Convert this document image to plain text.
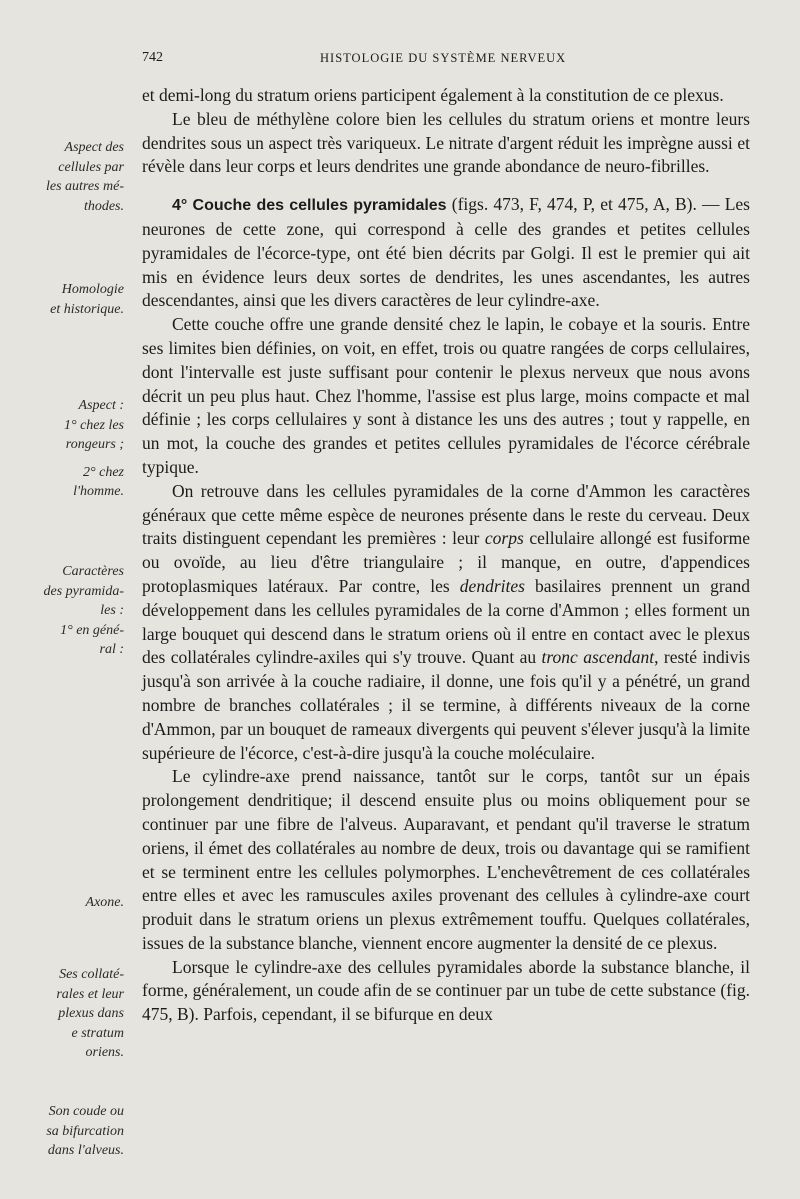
742	HISTOLOGIE DU SYSTÈME NERVEUX
Aspect des
cellules par
les autres mé-
thodes.
Homologie
et historique.
Aspect :
1° chez les
rongeurs ;
2° chez
l'homme.
Caractères
des pyramida-
les :
1° en géné-
ral :
Axone.
Ses collaté-
rales et leur
plexus dans
e stratum
oriens.
Son coude ou
sa bifurcation
dans l'alveus.

et demi-long du stratum oriens participent également à la constitution de ce plexus.

Le bleu de méthylène colore bien les cellules du stratum oriens et montre leurs dendrites sous un aspect très variqueux. Le nitrate d'argent réduit les imprègne aussi et révèle dans leur corps et leurs dendrites une grande abondance de neuro-fibrilles.

4° Couche des cellules pyramidales (figs. 473, F, 474, P, et 475, A, B). — Les neurones de cette zone, qui correspond à celle des grandes et petites cellules pyramidales de l'écorce-type, ont été bien décrits par Golgi. Il est le premier qui ait mis en évidence leurs deux sortes de dendrites, les unes ascendantes, les autres descendantes, ainsi que les divers caractères de leur cylindre-axe.

Cette couche offre une grande densité chez le lapin, le cobaye et la souris. Entre ses limites bien définies, on voit, en effet, trois ou quatre rangées de corps cellulaires, dont l'intervalle est juste suffisant pour contenir le plexus nerveux que nous avons décrit un peu plus haut. Chez l'homme, l'assise est plus large, moins compacte et mal définie ; les corps cellulaires y sont à distance les uns des autres ; tout y rappelle, en un mot, la couche des grandes et petites cellules pyramidales de l'écorce cérébrale typique.

On retrouve dans les cellules pyramidales de la corne d'Ammon les caractères généraux que cette même espèce de neurones présente dans le reste du cerveau. Deux traits distinguent cependant les premières : leur corps cellulaire allongé est fusiforme ou ovoïde, au lieu d'être triangulaire ; il manque, en outre, d'appendices protoplasmiques latéraux. Par contre, les dendrites basilaires prennent un grand développement dans les cellules pyramidales de la corne d'Ammon ; elles forment un large bouquet qui descend dans le stratum oriens où il entre en contact avec le plexus des collatérales cylindre-axiles qui s'y trouve. Quant au tronc ascendant, resté indivis jusqu'à son arrivée à la couche radiaire, il donne, une fois qu'il y a pénétré, un grand nombre de branches collatérales ; il se termine, à différents niveaux de la corne d'Ammon, par un bouquet de rameaux divergents qui peuvent s'élever jusqu'à la limite supérieure de l'écorce, c'est-à-dire jusqu'à la couche moléculaire.

Le cylindre-axe prend naissance, tantôt sur le corps, tantôt sur un épais prolongement dendritique; il descend ensuite plus ou moins obliquement pour se continuer par une fibre de l'alveus. Auparavant, et pendant qu'il traverse le stratum oriens, il émet des collatérales au nombre de deux, trois ou davantage qui se ramifient et se terminent entre les cellules polymorphes. L'enchevêtrement de ces collatérales entre elles et avec les ramuscules axiles provenant des cellules à cylindre-axe court produit dans le stratum oriens un plexus extrêmement touffu. Quelques collatérales, issues de la substance blanche, viennent encore augmenter la densité de ce plexus.

Lorsque le cylindre-axe des cellules pyramidales aborde la substance blanche, il forme, généralement, un coude afin de se continuer par un tube de cette substance (fig. 475, B). Parfois, cependant, il se bifurque en deux
